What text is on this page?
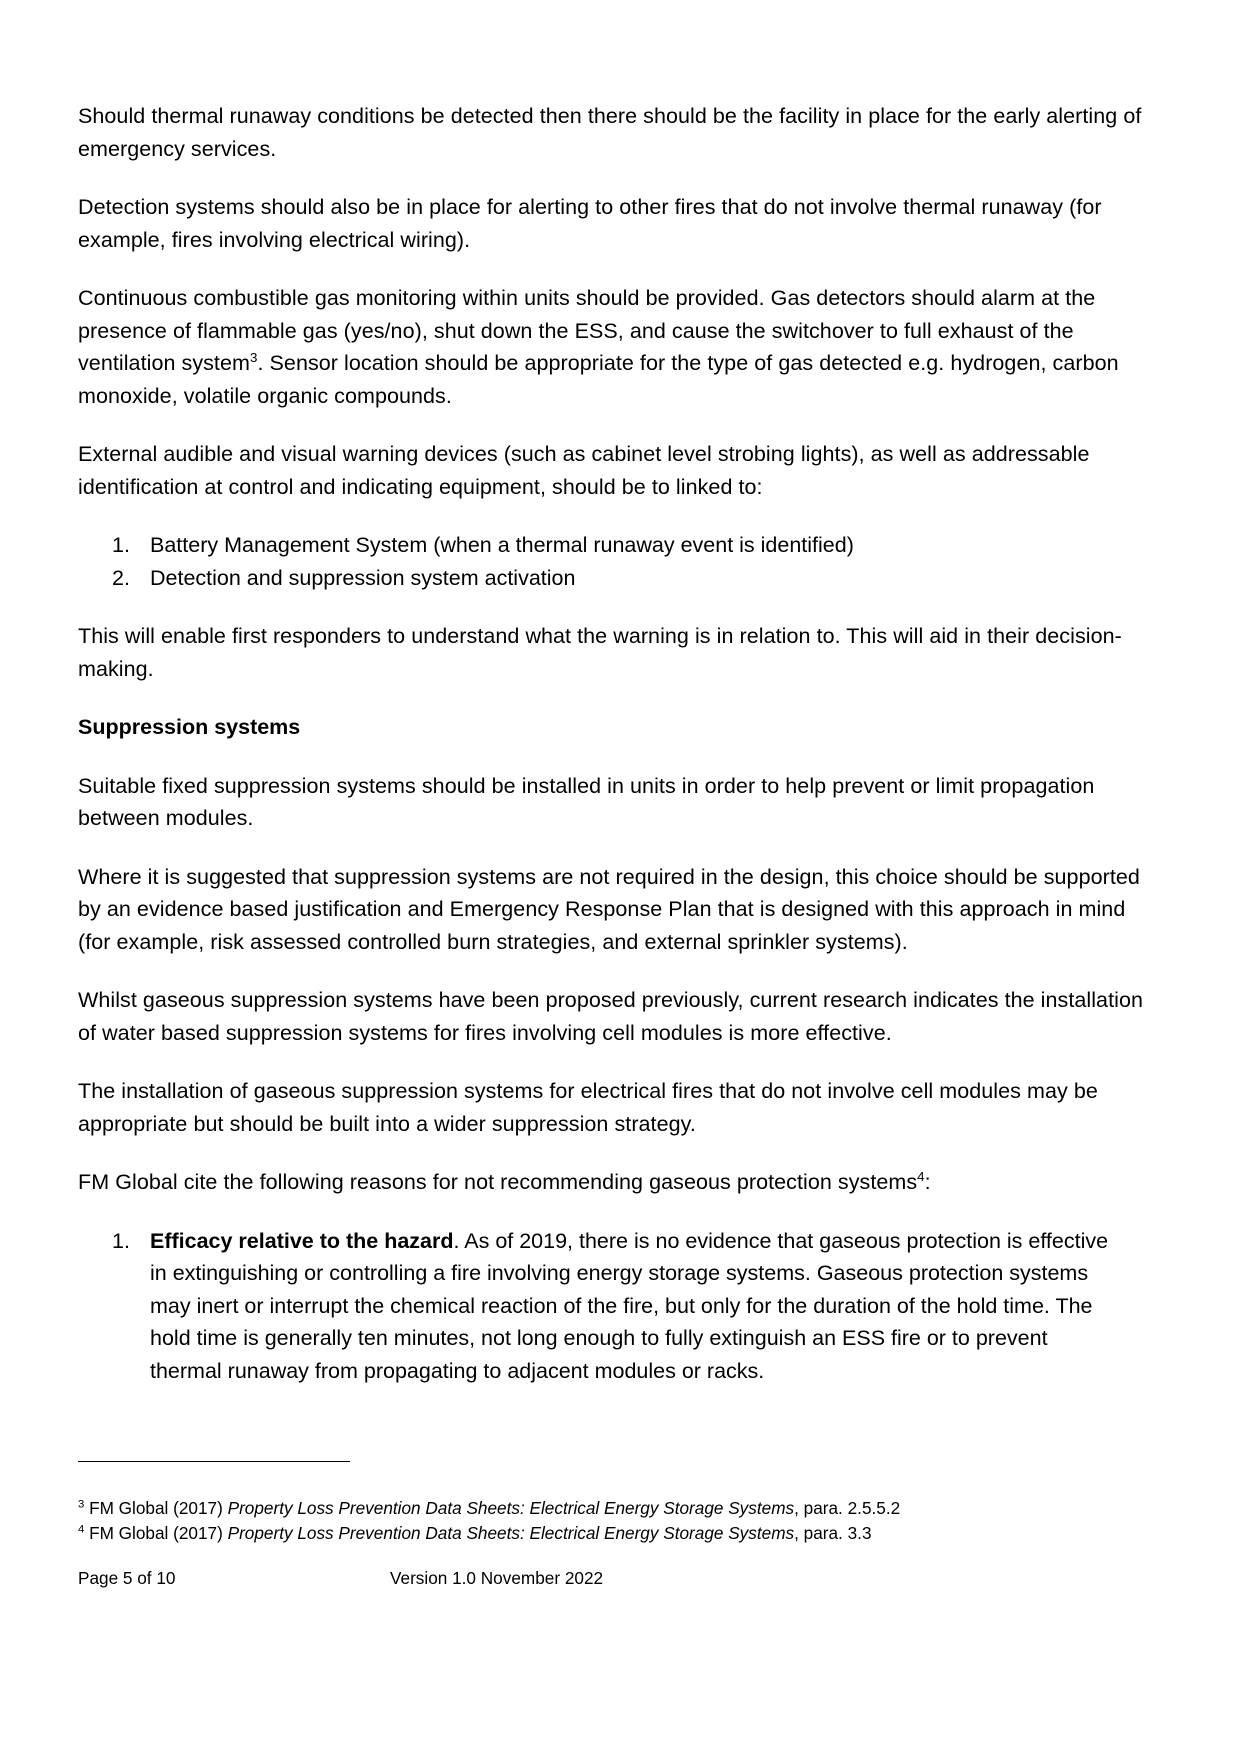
Should thermal runaway conditions be detected then there should be the facility in place for the early alerting of emergency services.

Detection systems should also be in place for alerting to other fires that do not involve thermal runaway (for example, fires involving electrical wiring).

Continuous combustible gas monitoring within units should be provided. Gas detectors should alarm at the presence of flammable gas (yes/no), shut down the ESS, and cause the switchover to full exhaust of the ventilation system$^3$. Sensor location should be appropriate for the type of gas detected e.g. hydrogen, carbon monoxide, volatile organic compounds.

External audible and visual warning devices (such as cabinet level strobing lights), as well as addressable identification at control and indicating equipment, should be to linked to:

Battery Management System (when a thermal runaway event is identified)
Detection and suppression system activation

This will enable first responders to understand what the warning is in relation to. This will aid in their decision-making.

Suppression systems

Suitable fixed suppression systems should be installed in units in order to help prevent or limit propagation between modules.

Where it is suggested that suppression systems are not required in the design, this choice should be supported by an evidence based justification and Emergency Response Plan that is designed with this approach in mind (for example, risk assessed controlled burn strategies, and external sprinkler systems).

Whilst gaseous suppression systems have been proposed previously, current research indicates the installation of water based suppression systems for fires involving cell modules is more effective.

The installation of gaseous suppression systems for electrical fires that do not involve cell modules may be appropriate but should be built into a wider suppression strategy.

FM Global cite the following reasons for not recommending gaseous protection systems$^4$:

Efficacy relative to the hazard. As of 2019, there is no evidence that gaseous protection is effective in extinguishing or controlling a fire involving energy storage systems. Gaseous protection systems may inert or interrupt the chemical reaction of the fire, but only for the duration of the hold time. The hold time is generally ten minutes, not long enough to fully extinguish an ESS fire or to prevent thermal runaway from propagating to adjacent modules or racks.

$^3$ FM Global (2017) Property Loss Prevention Data Sheets: Electrical Energy Storage Systems, para. 2.5.5.2

$^4$ FM Global (2017) Property Loss Prevention Data Sheets: Electrical Energy Storage Systems, para. 3.3

Page 5 of 10	Version 1.0 November 2022
